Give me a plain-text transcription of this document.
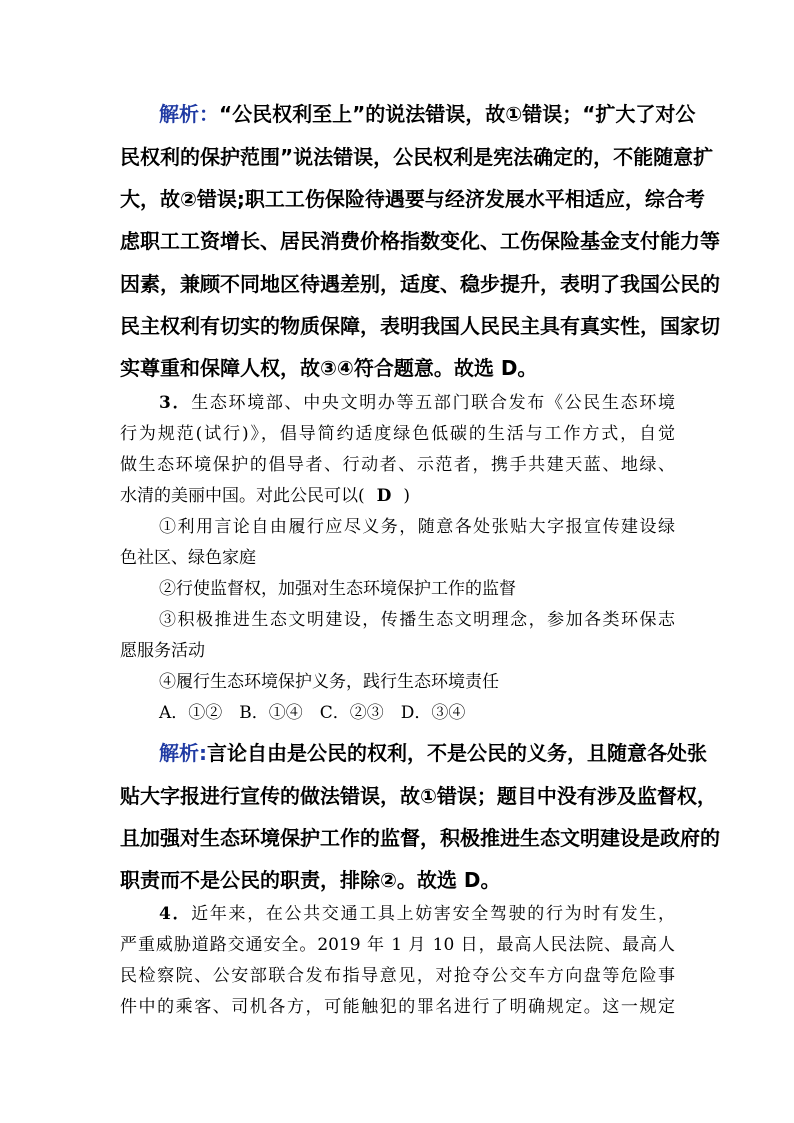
解析：“公民权利至上”的说法错误，故①错误；“扩大了对公
民权利的保护范围”说法错误，公民权利是宪法确定的，不能随意扩
大，故②错误;职工工伤保险待遇要与经济发展水平相适应，综合考
虑职工工资增长、居民消费价格指数变化、工伤保险基金支付能力等
因素，兼顾不同地区待遇差别，适度、稳步提升，表明了我国公民的
民主权利有切实的物质保障，表明我国人民民主具有真实性，国家切
实尊重和保障人权，故③④符合题意。故选 D。
3．生态环境部、中央文明办等五部门联合发布《公民生态环境
行为规范(试行)》，倡导简约适度绿色低碳的生活与工作方式，自觉
做生态环境保护的倡导者、行动者、示范者，携手共建天蓝、地绿、
水清的美丽中国。对此公民可以( D )
①利用言论自由履行应尽义务，随意各处张贴大字报宣传建设绿
色社区、绿色家庭
②行使监督权，加强对生态环境保护工作的监督
③积极推进生态文明建设，传播生态文明理念，参加各类环保志
愿服务活动
④履行生态环境保护义务，践行生态环境责任
A．①②　B．①④　C．②③　D．③④
解析:言论自由是公民的权利，不是公民的义务，且随意各处张
贴大字报进行宣传的做法错误，故①错误；题目中没有涉及监督权，
且加强对生态环境保护工作的监督，积极推进生态文明建设是政府的
职责而不是公民的职责，排除②。故选 D。
4．近年来，在公共交通工具上妨害安全驾驶的行为时有发生，
严重威胁道路交通安全。2019 年 1 月 10 日，最高人民法院、最高人
民检察院、公安部联合发布指导意见，对抢夺公交车方向盘等危险事
件中的乘客、司机各方，可能触犯的罪名进行了明确规定。这一规定
